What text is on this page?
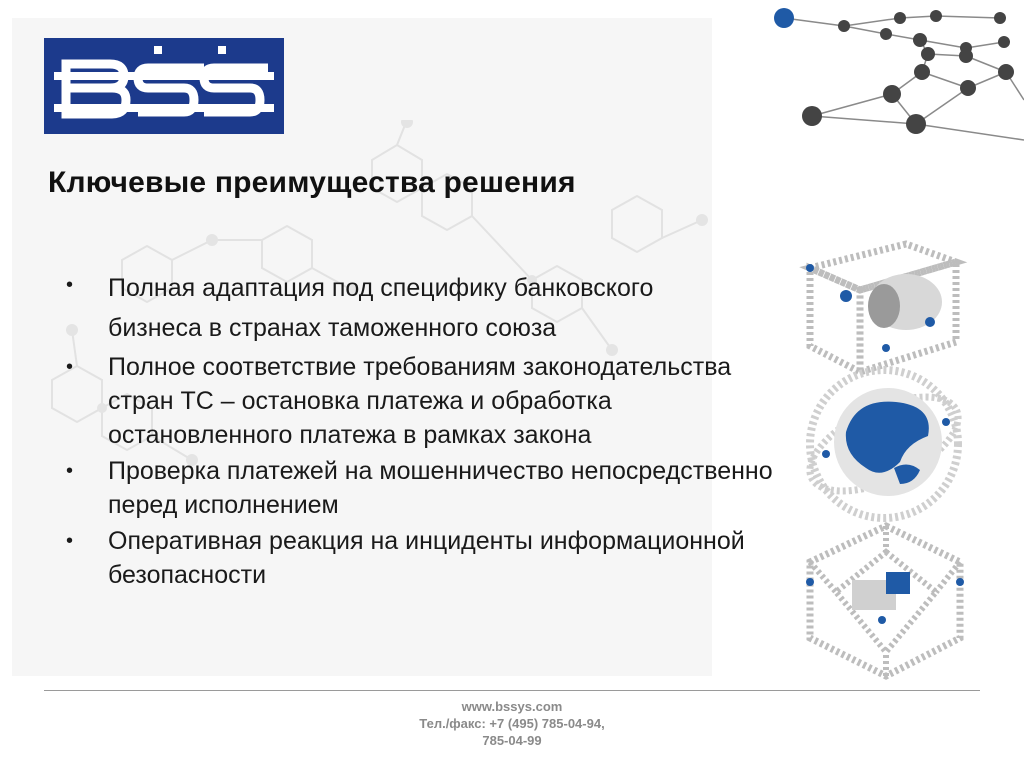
Ключевые преимущества решения
• Полная адаптация под специфику банковского
бизнеса в странах таможенного союза
• Полное соответствие требованиям законодательства стран ТС – остановка платежа и обработка остановленного платежа в рамках закона
• Проверка платежей на мошенничество непосредственно перед исполнением
• Оперативная реакция на инциденты информационной безопасности
www.bssys.com
Тел./факс: +7 (495) 785-04-94,
785-04-99
